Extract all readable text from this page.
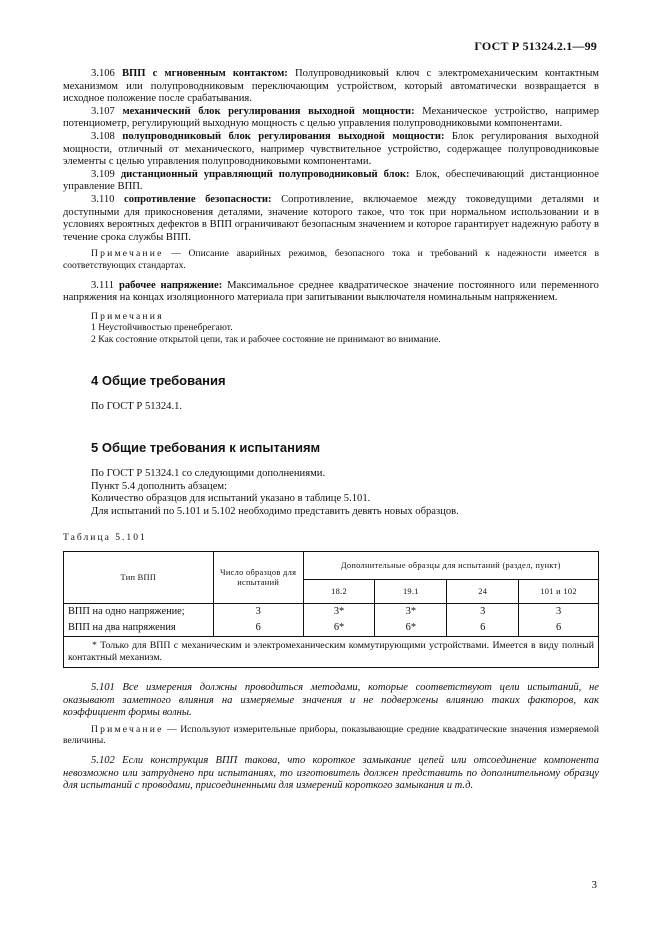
ГОСТ Р 51324.2.1—99

3.106 ВПП с мгновенным контактом: Полупроводниковый ключ с электромеханическим контактным механизмом или полупроводниковым переключающим устройством, который автоматически возвращается в исходное положение после срабатывания.

3.107 механический блок регулирования выходной мощности: Механическое устройство, например потенциометр, регулирующий выходную мощность с целью управления полупроводниковыми компонентами.

3.108 полупроводниковый блок регулирования выходной мощности: Блок регулирования выходной мощности, отличный от механического, например чувствительное устройство, содержащее полупроводниковые элементы с целью управления полупроводниковыми компонентами.

3.109 дистанционный управляющий полупроводниковый блок: Блок, обеспечивающий дистанционное управление ВПП.

3.110 сопротивление безопасности: Сопротивление, включаемое между токоведущими деталями и доступными для прикосновения деталями, значение которого такое, что ток при нормальном использовании и в условиях вероятных дефектов в ВПП ограничивают безопасным значением и которое гарантирует надежную работу в течение срока службы ВПП.

Примечание — Описание аварийных режимов, безопасного тока и требований к надежности имеется в соответствующих стандартах.

3.111 рабочее напряжение: Максимальное среднее квадратическое значение постоянного или переменного напряжения на концах изоляционного материала при запитывании выключателя номинальным напряжением.

Примечания
1 Неустойчивостью пренебрегают.
2 Как состояние открытой цепи, так и рабочее состояние не принимают во внимание.
4 Общие требования
По ГОСТ Р 51324.1.
5 Общие требования к испытаниям
По ГОСТ Р 51324.1 со следующими дополнениями.
Пункт 5.4 дополнить абзацем:
Количество образцов для испытаний указано в таблице 5.101.
Для испытаний по 5.101 и 5.102 необходимо представить девять новых образцов.
Таблица 5.101
Тип ВПП	Число образцов для испытаний	Дополнительные образцы для испытаний (раздел, пункт)			
		18.2	19.1	24	101 и 102
ВПП на одно напряжение;	3	3*	3*	3	3
ВПП на два напряжения	6	6*	6*	6	6
* Только для ВПП с механическим и электромеханическим коммутирующими устройствами. Имеется в виду полный контактный механизм.					

5.101 Все измерения должны проводиться методами, которые соответствуют цели испытаний, не оказывают заметного влияния на измеряемые значения и не подвержены влиянию таких факторов, как коэффициент формы волны.

Примечание — Используют измерительные приборы, показывающие средние квадратические значения измеряемой величины.

5.102 Если конструкция ВПП такова, что короткое замыкание цепей или отсоединение компонента невозможно или затруднено при испытаниях, то изготовитель должен представить по дополнительному образцу для испытаний с проводами, присоединенными для измерений короткого замыкания и т.д.

3
